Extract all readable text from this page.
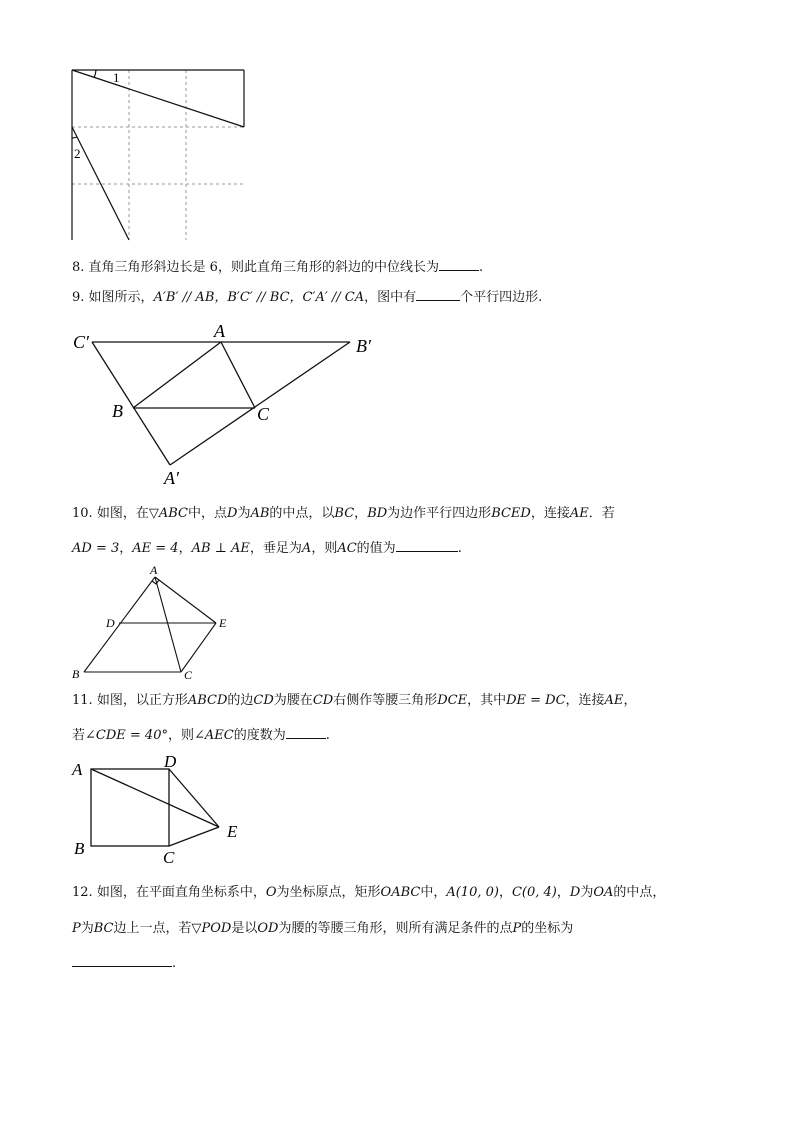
1
2
8. 直角三角形斜边长是 6，则此直角三角形的斜边的中位线长为	.
9. 如图所示，A′B′ // AB，B′C′ // BC，C′A′ // CA，图中有	个平行四边形.
C′
A
B′
B	C
A′
10. 如图，在▽ABC中，点D为AB的中点，以BC，BD为边作平行四边形BCED，连接AE．若
AD = 3，AE = 4，AB ⊥ AE，垂足为A，则AC的值为	.
A
D	E
B	C
11. 如图，以正方形ABCD的边CD为腰在CD右侧作等腰三角形DCE，其中DE = DC，连接AE，
若∠CDE = 40°，则∠AEC的度数为	.
A	D
E
B	C
12. 如图，在平面直角坐标系中，O为坐标原点，矩形OABC中，A(10, 0)，C(0, 4)，D为OA的中点，
P为BC边上一点，若▽POD是以OD为腰的等腰三角形，则所有满足条件的点P的坐标为
.
